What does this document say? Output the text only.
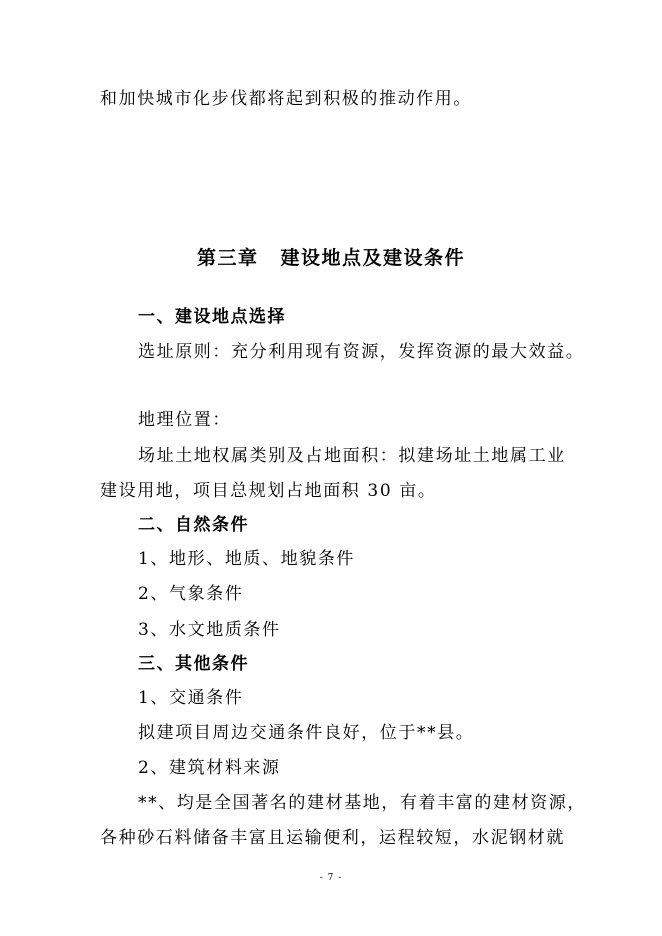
和加快城市化步伐都将起到积极的推动作用。
第三章 建设地点及建设条件
一、建设地点选择
选址原则：充分利用现有资源，发挥资源的最大效益。
地理位置：
场址土地权属类别及占地面积：拟建场址土地属工业
建设用地，项目总规划占地面积 30 亩。
二、自然条件
1、地形、地质、地貌条件
2、气象条件
3、水文地质条件
三、其他条件
1、交通条件
拟建项目周边交通条件良好，位于**县。
2、建筑材料来源
**、均是全国著名的建材基地，有着丰富的建材资源，
各种砂石料储备丰富且运输便利，运程较短，水泥钢材就
- 7 -
